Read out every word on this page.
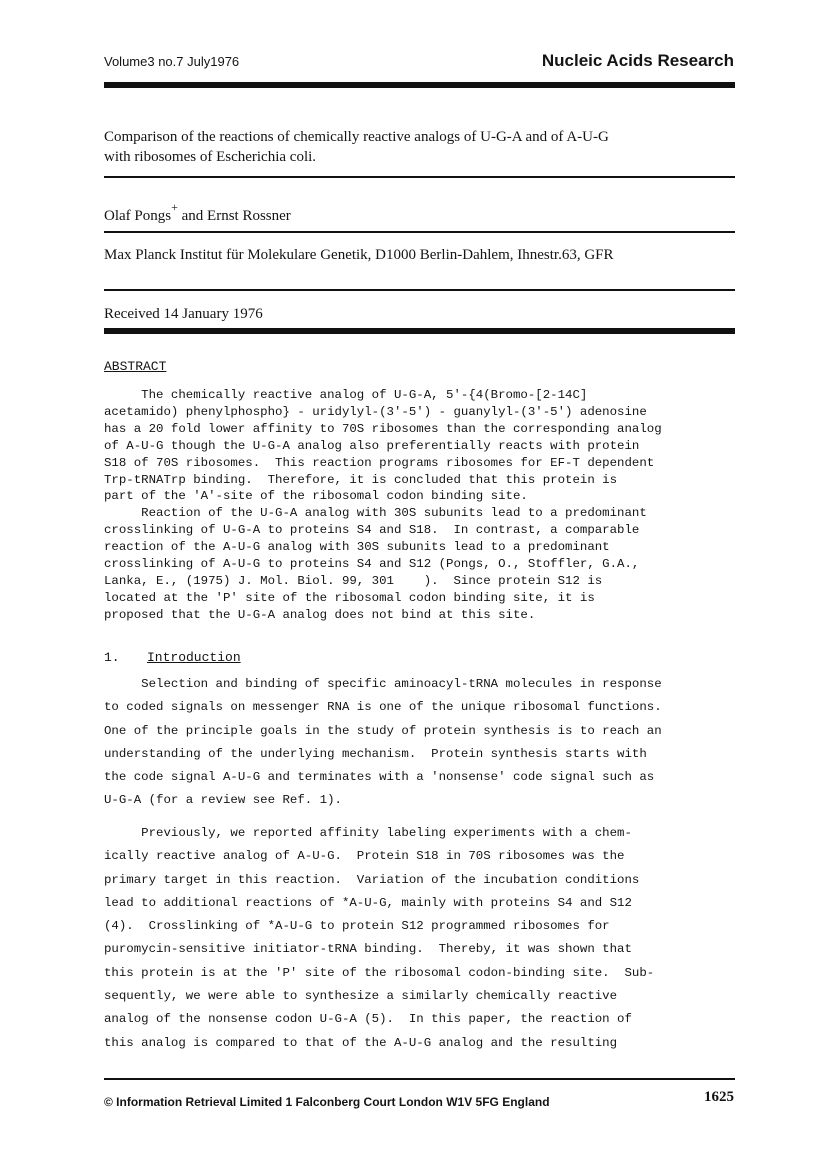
Volume3 no.7 July1976	Nucleic Acids Research
Comparison of the reactions of chemically reactive analogs of U-G-A and of A-U-G
with ribosomes of Escherichia coli.
Olaf Pongs+ and Ernst Rossner
Max Planck Institut für Molekulare Genetik, D1000 Berlin-Dahlem, Ihnestr.63, GFR
Received 14 January 1976
ABSTRACT
The chemically reactive analog of U-G-A, 5'-{4(Bromo-[2-14C]
acetamido) phenylphospho} - uridylyl-(3'-5') - guanylyl-(3'-5') adenosine
has a 20 fold lower affinity to 70S ribosomes than the corresponding analog
of A-U-G though the U-G-A analog also preferentially reacts with protein
S18 of 70S ribosomes.  This reaction programs ribosomes for EF-T dependent
Trp-tRNATrp binding.  Therefore, it is concluded that this protein is
part of the 'A'-site of the ribosomal codon binding site.
Reaction of the U-G-A analog with 30S subunits lead to a predominant
crosslinking of U-G-A to proteins S4 and S18.  In contrast, a comparable
reaction of the A-U-G analog with 30S subunits lead to a predominant
crosslinking of A-U-G to proteins S4 and S12 (Pongs, O., Stoffler, G.A.,
Lanka, E., (1975) J. Mol. Biol. 99, 301    ).  Since protein S12 is
located at the 'P' site of the ribosomal codon binding site, it is
proposed that the U-G-A analog does not bind at this site.
1. Introduction
Selection and binding of specific aminoacyl-tRNA molecules in response
to coded signals on messenger RNA is one of the unique ribosomal functions.
One of the principle goals in the study of protein synthesis is to reach an
understanding of the underlying mechanism.  Protein synthesis starts with
the code signal A-U-G and terminates with a 'nonsense' code signal such as
U-G-A (for a review see Ref. 1).
Previously, we reported affinity labeling experiments with a chem-
ically reactive analog of A-U-G.  Protein S18 in 70S ribosomes was the
primary target in this reaction.  Variation of the incubation conditions
lead to additional reactions of *A-U-G, mainly with proteins S4 and S12
(4).  Crosslinking of *A-U-G to protein S12 programmed ribosomes for
puromycin-sensitive initiator-tRNA binding.  Thereby, it was shown that
this protein is at the 'P' site of the ribosomal codon-binding site.  Sub-
sequently, we were able to synthesize a similarly chemically reactive
analog of the nonsense codon U-G-A (5).  In this paper, the reaction of
this analog is compared to that of the A-U-G analog and the resulting
© Information Retrieval Limited 1 Falconberg Court London W1V 5FG England	1625
